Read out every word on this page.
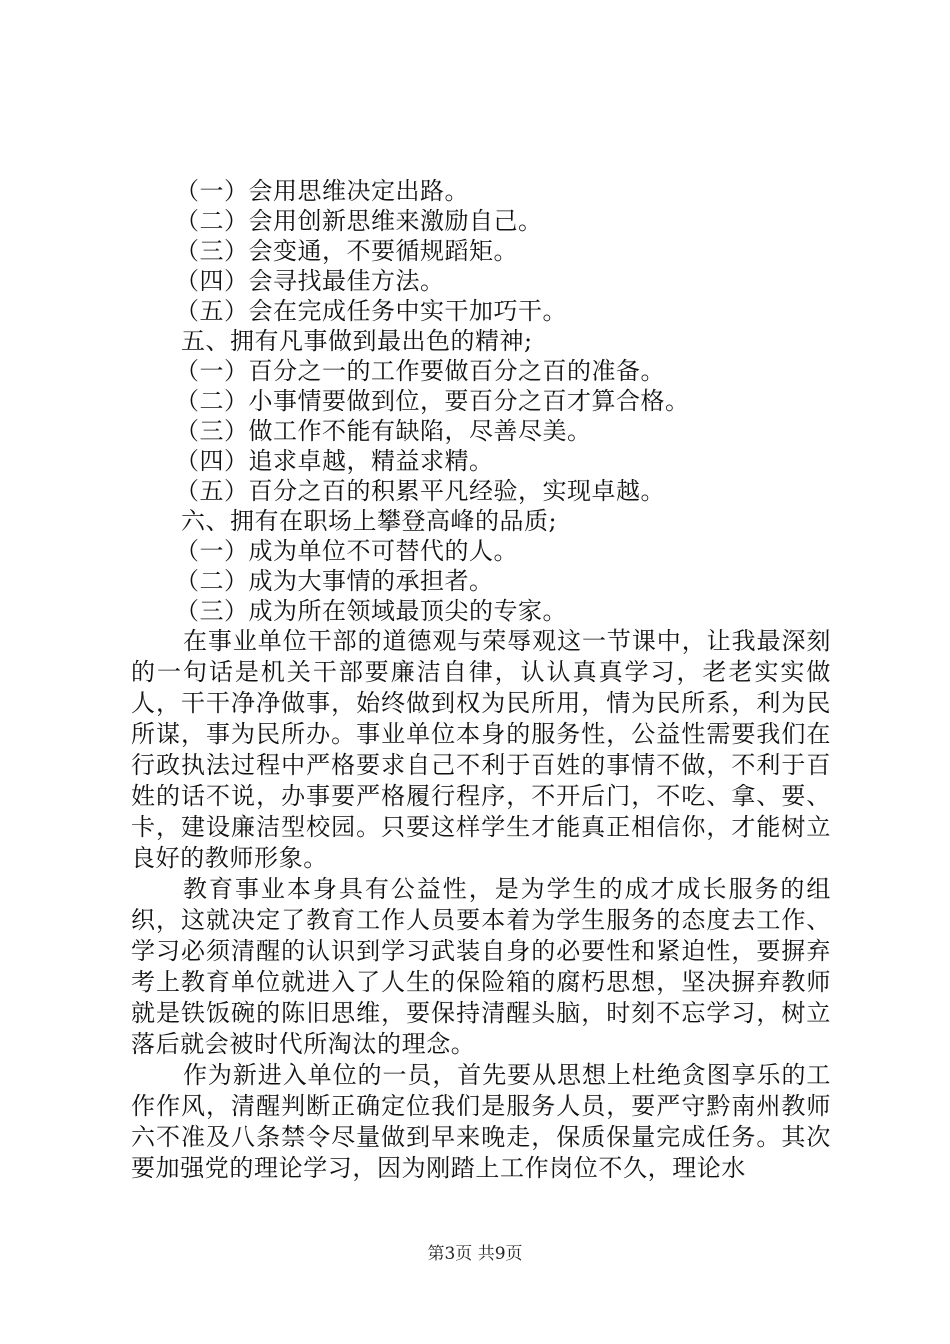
（一）会用思维决定出路。
（二）会用创新思维来激励自己。
（三）会变通，不要循规蹈矩。
（四）会寻找最佳方法。
（五）会在完成任务中实干加巧干。
五、拥有凡事做到最出色的精神;
（一）百分之一的工作要做百分之百的准备。
（二）小事情要做到位，要百分之百才算合格。
（三）做工作不能有缺陷，尽善尽美。
（四）追求卓越，精益求精。
（五）百分之百的积累平凡经验，实现卓越。
六、拥有在职场上攀登高峰的品质;
（一）成为单位不可替代的人。
（二）成为大事情的承担者。
（三）成为所在领域最顶尖的专家。

在事业单位干部的道德观与荣辱观这一节课中，让我最深刻的一句话是机关干部要廉洁自律，认认真真学习，老老实实做人，干干净净做事，始终做到权为民所用，情为民所系，利为民所谋，事为民所办。事业单位本身的服务性，公益性需要我们在行政执法过程中严格要求自己不利于百姓的事情不做，不利于百姓的话不说，办事要严格履行程序，不开后门，不吃、拿、要、卡，建设廉洁型校园。只要这样学生才能真正相信你，才能树立良好的教师形象。

教育事业本身具有公益性，是为学生的成才成长服务的组织，这就决定了教育工作人员要本着为学生服务的态度去工作、学习必须清醒的认识到学习武装自身的必要性和紧迫性，要摒弃考上教育单位就进入了人生的保险箱的腐朽思想，坚决摒弃教师就是铁饭碗的陈旧思维，要保持清醒头脑，时刻不忘学习，树立落后就会被时代所淘汰的理念。

作为新进入单位的一员，首先要从思想上杜绝贪图享乐的工作作风，清醒判断正确定位我们是服务人员，要严守黔南州教师六不准及八条禁令尽量做到早来晚走，保质保量完成任务。其次要加强党的理论学习，因为刚踏上工作岗位不久，理论水

第3页 共9页
